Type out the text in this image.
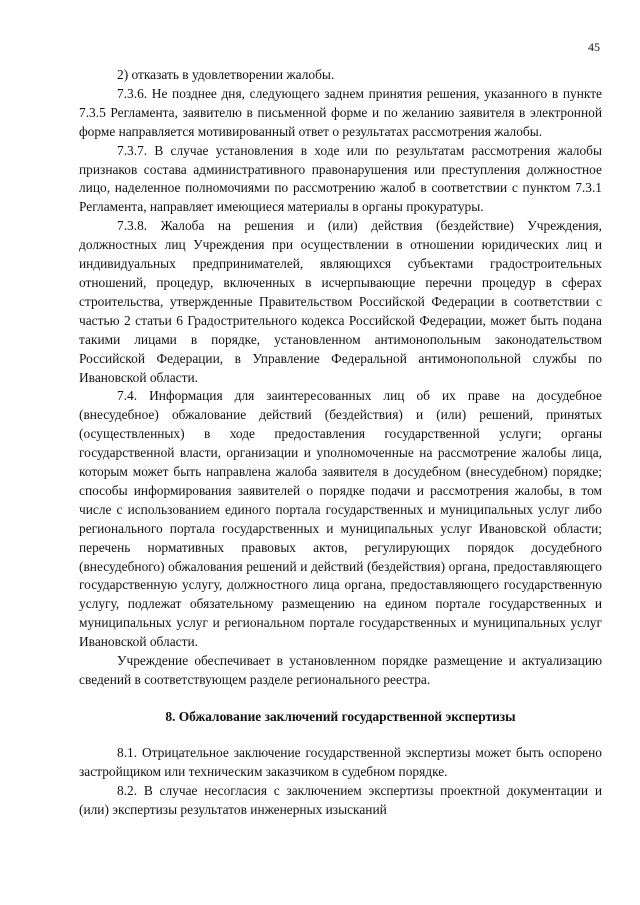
45

2) отказать в удовлетворении жалобы.

7.3.6. Не позднее дня, следующего заднем принятия решения, указанного в пункте 7.3.5 Регламента, заявителю в письменной форме и по желанию заявителя в электронной форме направляется мотивированный ответ о результатах рассмотрения жалобы.

7.3.7. В случае установления в ходе или по результатам рассмотрения жалобы признаков состава административного правонарушения или преступления должностное лицо, наделенное полномочиями по рассмотрению жалоб в соответствии с пунктом 7.3.1 Регламента, направляет имеющиеся материалы в органы прокуратуры.

7.3.8. Жалоба на решения и (или) действия (бездействие) Учреждения, должностных лиц Учреждения при осуществлении в отношении юридических лиц и индивидуальных предпринимателей, являющихся субъектами градостроительных отношений, процедур, включенных в исчерпывающие перечни процедур в сферах строительства, утвержденные Правительством Российской Федерации в соответствии с частью 2 статьи 6 Градострительного кодекса Российской Федерации, может быть подана такими лицами в порядке, установленном антимонопольным законодательством Российской Федерации, в Управление Федеральной антимонопольной службы по Ивановской области.

7.4. Информация для заинтересованных лиц об их праве на досудебное (внесудебное) обжалование действий (бездействия) и (или) решений, принятых (осуществленных) в ходе предоставления государственной услуги; органы государственной власти, организации и уполномоченные на рассмотрение жалобы лица, которым может быть направлена жалоба заявителя в досудебном (внесудебном) порядке; способы информирования заявителей о порядке подачи и рассмотрения жалобы, в том числе с использованием единого портала государственных и муниципальных услуг либо регионального портала государственных и муниципальных услуг Ивановской области; перечень нормативных правовых актов, регулирующих порядок досудебного (внесудебного) обжалования решений и действий (бездействия) органа, предоставляющего государственную услугу, должностного лица органа, предоставляющего государственную услугу, подлежат обязательному размещению на едином портале государственных и муниципальных услуг и региональном портале государственных и муниципальных услуг Ивановской области.

Учреждение обеспечивает в установленном порядке размещение и актуализацию сведений в соответствующем разделе регионального реестра.

8. Обжалование заключений государственной экспертизы

8.1. Отрицательное заключение государственной экспертизы может быть оспорено застройщиком или техническим заказчиком в судебном порядке.

8.2. В случае несогласия с заключением экспертизы проектной документации и (или) экспертизы результатов инженерных изысканий
